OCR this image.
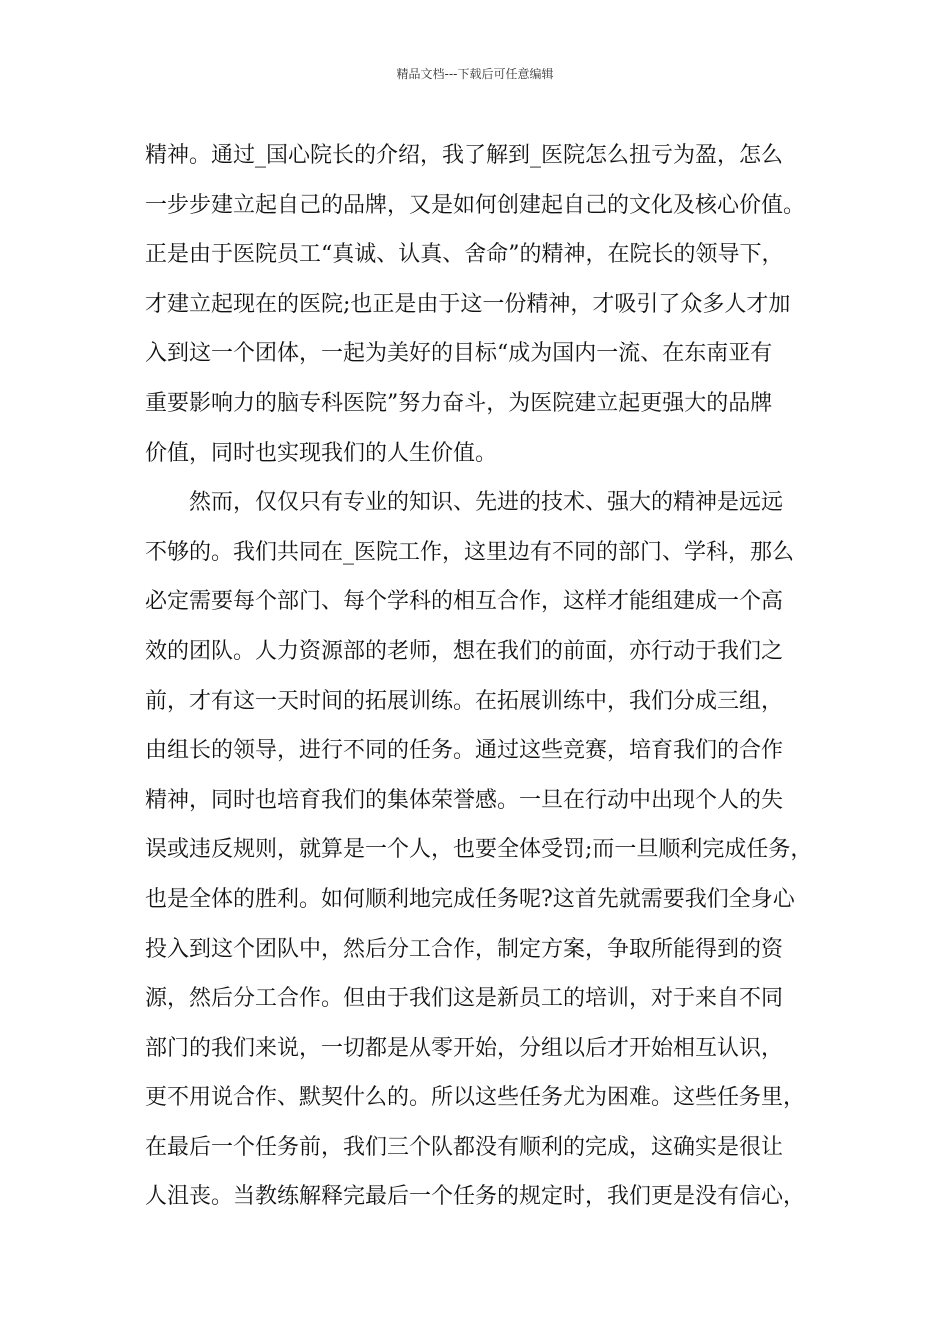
精品文档---下载后可任意编辑
精神。通过_国心院长的介绍，我了解到_医院怎么扭亏为盈，怎么
一步步建立起自己的品牌，又是如何创建起自己的文化及核心价值。
正是由于医院员工“真诚、认真、舍命”的精神，在院长的领导下，
才建立起现在的医院;也正是由于这一份精神，才吸引了众多人才加
入到这一个团体，一起为美好的目标“成为国内一流、在东南亚有
重要影响力的脑专科医院”努力奋斗，为医院建立起更强大的品牌
价值，同时也实现我们的人生价值。
然而，仅仅只有专业的知识、先进的技术、强大的精神是远远
不够的。我们共同在_医院工作，这里边有不同的部门、学科，那么
必定需要每个部门、每个学科的相互合作，这样才能组建成一个高
效的团队。人力资源部的老师，想在我们的前面，亦行动于我们之
前，才有这一天时间的拓展训练。在拓展训练中，我们分成三组，
由组长的领导，进行不同的任务。通过这些竞赛，培育我们的合作
精神，同时也培育我们的集体荣誉感。一旦在行动中出现个人的失
误或违反规则，就算是一个人，也要全体受罚;而一旦顺利完成任务，
也是全体的胜利。如何顺利地完成任务呢?这首先就需要我们全身心
投入到这个团队中，然后分工合作，制定方案，争取所能得到的资
源，然后分工合作。但由于我们这是新员工的培训，对于来自不同
部门的我们来说，一切都是从零开始，分组以后才开始相互认识，
更不用说合作、默契什么的。所以这些任务尤为困难。这些任务里，
在最后一个任务前，我们三个队都没有顺利的完成，这确实是很让
人沮丧。当教练解释完最后一个任务的规定时，我们更是没有信心，
